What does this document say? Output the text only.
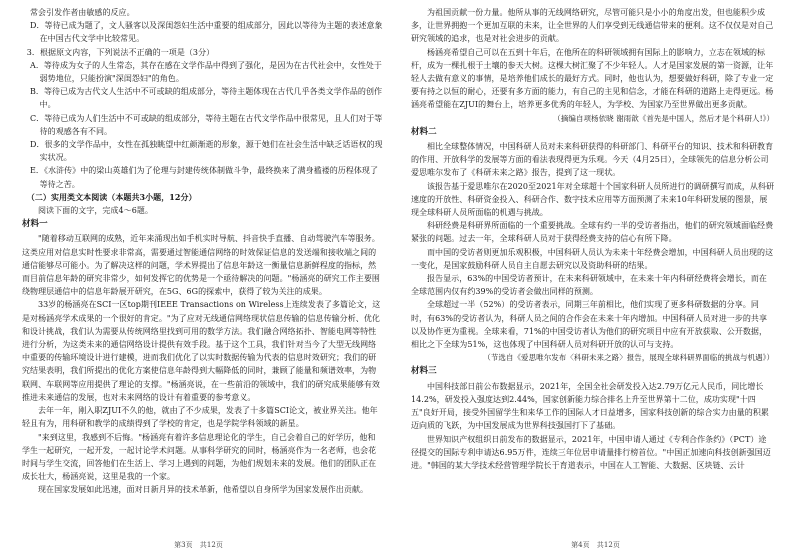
常会引发作者由敏感的反应。

D．等待已成为题了，文人骚客以及深闺怨妇生活中重要的组成部分，因此以等待为主题的表述意象在中国古代文学中比较常见。

3．根据原文内容，下列说法不正确的一项是（3分）

A．等待成为女子的人生常态，其存在感在文学作品中得到了强化，是因为在古代社会中，女性处于弱势地位，只能扮演"深闺怨妇"的角色。

B．等待已成为古代文人生活中不可或缺的组成部分，等待主题体现在古代几乎各类文学作品的创作中。

C．等待已成为人们生活中不可或缺的组成部分，等待主题在古代文学作品中很常见，且人们对于等待的观感各有不同。

D．很多的文学作品中，女性在孤独眺望中红颜渐逝的形象，源于她们在社会生活中缺乏话语权的现实状况。

E．《水浒传》中的梁山英雄们为了伦理与封建传统体制做斗争，最终换来了满身褴褛的历程体现了等待之苦。

（二）实用类文本阅读（本题共3小题，12分）

阅读下面的文字，完成4～6题。

材料一

"随着移动互联网的成熟，近年来涌现出如手机实时导航、抖音快手直播、自动驾驶汽车等服务。这类应用对信息实时性要求非常高，需要通过智能通信网络的时效保证信息的发送端和接收端之间的通信能够尽可能小。为了解决这样的问题，学术界提出了信息年龄这一衡量信息新鲜程度的指标，然而目前信息年龄的研究非常少，如何发挥它的优势是一个亟待解决的问题。"杨涵亮的研究工作主要围绕物理层通信中的信息年龄展开研究，在5G、6G的探索中，获得了较为关注的成果。

33岁的杨涵亮在SCI一区top期刊IEEE Transactions on Wireless上连续发表了多篇论文，这是对杨涵亮学术成果的一个很好的肯定。"为了应对无线通信网络现状信息传输的信息传输分析、优化和设计挑战，我们认为需要从传统网络里找到可用的数学方法。我们融合网络拓扑、智能电网等特性进行分析，为这类未来的通信网络设计提供有效手段。基于这个工具，我们针对当今了大型无线网络中重要的传输环境设计进行建模，进而我们优化了以实时数据传输为代表的信息时效研究；我们的研究结果表明，我们所提出的优化方案使信息年龄得到大幅降低的同时，兼顾了能量和频谱效率，为物联网、车联网等应用提供了理论的支撑。"杨涵亮说，在一些前沿的领域中，我们的研究成果能够有效推进未来通信的发展，也对未来网络的设计有着重要的参考意义。

去年一年，刚入职ZJUI不久的他，就由了不少成果，发表了十多篇SCI论文，被业界关注。他年轻且有为，用科研和教学的成绩得到了学校的肯定，也是学院学科领域的新星。

"来到这里，我感到不后悔。"杨涵亮有着许多信息理论化的学生，自己会着自己的好学历，他和学生一起研究，一起开发，一起讨论学术问题。从事科学研究的同时，杨涵亮作为一名老师，也会花时间与学生交流，回答他们在生活上、学习上遇到的问题，为他们规划未来的发展。他们的团队正在成长壮大，杨涵亮说，这里是我的一个家。

现在国家发展如此迅速，面对日新月异的技术革新，他希望以自身所学为国家发展作出贡献。

第3页　共12页

为祖国贡献一份力量。他所从事的无线网络研究，尽管可能只是小小的角度出发，但也能积少成多，让世界拥抱一个更加互联的未来，让全世界的人们享受到无线通信带来的便利。这不仅仅是对自己研究领域的追求，也是对社会进步的贡献。

杨涵亮希望自己可以在五到十年后，在他所在的科研领域拥有国际上的影响力，立志在领域的标杆，成为一棵扎根于土壤的参天大树。这棵大树汇聚了不少年轻人。人才是国家发展的第一资源，让年轻人去做有意义的事情，是培养他们成长的最好方式。同时，他也认为，想要做好科研，除了专业一定要有持之以恒的耐心，还要有多方面的能力，有自己的主见和信念，才能在科研的道路上走得更远。杨涵亮希望能在ZJUI的舞台上，培养更多优秀的年轻人，为学校、为国家乃至世界做出更多贡献。

（摘编自项杨依晓 谢雨歆《首先是中国人，然后才是个科研人!》）

材料二

相比全球整体情况，中国科研人员对未来科研获得的科研部门、科研平台的知识、技术和科研教育的作用、开放科学的发展等方面的看法表现得更为乐观。今天（4月25日），全球领先的信息分析公司爱思唯尔发布了《科研未来之路》报告，提到了这一现状。

该报告基于爱思唯尔在2020至2021年对全球超十个国家科研人员所进行的调研撰写而成，从科研速度的开放性、科研资金投入、科研合作、数字技术应用等方面预测了未来10年科研发展的图景，展现全球科研人员所面临的机遇与挑战。

科研经费是科研界所面临的一个重要挑战。全球有约一半的受访者指出，他们的研究领域面临经费紧张的问题。过去一年，全球科研人员对于获得经费支持的信心有所下降。

而中国的受访者则更加乐观积极，中国科研人员认为未来十年经费会增加，中国科研人员出现的这一变化，是国家鼓励科研人员自主自愿去研究以及资助科研的结果。

报告显示，63%的中国受访者预计，在未来科研领域中，在未来十年内科研经费将会增长，而在全球范围内仅有约39%的受访者会做出同样的预测。

全球超过一半（52%）的受访者表示，同期三年前相比，他们实现了更多科研数据的分享。同时，有63%的受访者认为，科研人员之间的合作会在未来十年内增加。中国科研人员对进一步的共享以及协作更为重视。全球来看，71%的中国受访者认为他们的研究项目中应有开放获取、公开数据，相比之下全球为51%，这也体现了中国科研人员对科研开放的认可与支持。

（节选自《爱思唯尔发布〈科研未来之路〉报告，展现全球科研界面临的挑战与机遇》）

材料三

中国科技部日前公布数据显示，2021年，全国全社会研发投入达2.79万亿元人民币，同比增长14.2%，研发投入强度达到2.44%，国家创新能力综合排名上升至世界第十二位，成功实现"十四五"良好开局，接受外国留学生和来华工作的国际人才日益增多，国家科技创新的综合实力由量的积累迈向质的飞跃，为中国发展成为世界科技强国打下了基础。

世界知识产权组织日前发布的数据显示，2021年，中国申请人通过《专利合作条约》（PCT）途径提交的国际专利申请达6.95万件，连续三年位居申请量排行榜首位。"中国正加速向科技创新强国迈进。"韩国的某大学技术经营管理学院长于育道表示，中国在人工智能、大数据、区块链、云计

第4页　共12页
